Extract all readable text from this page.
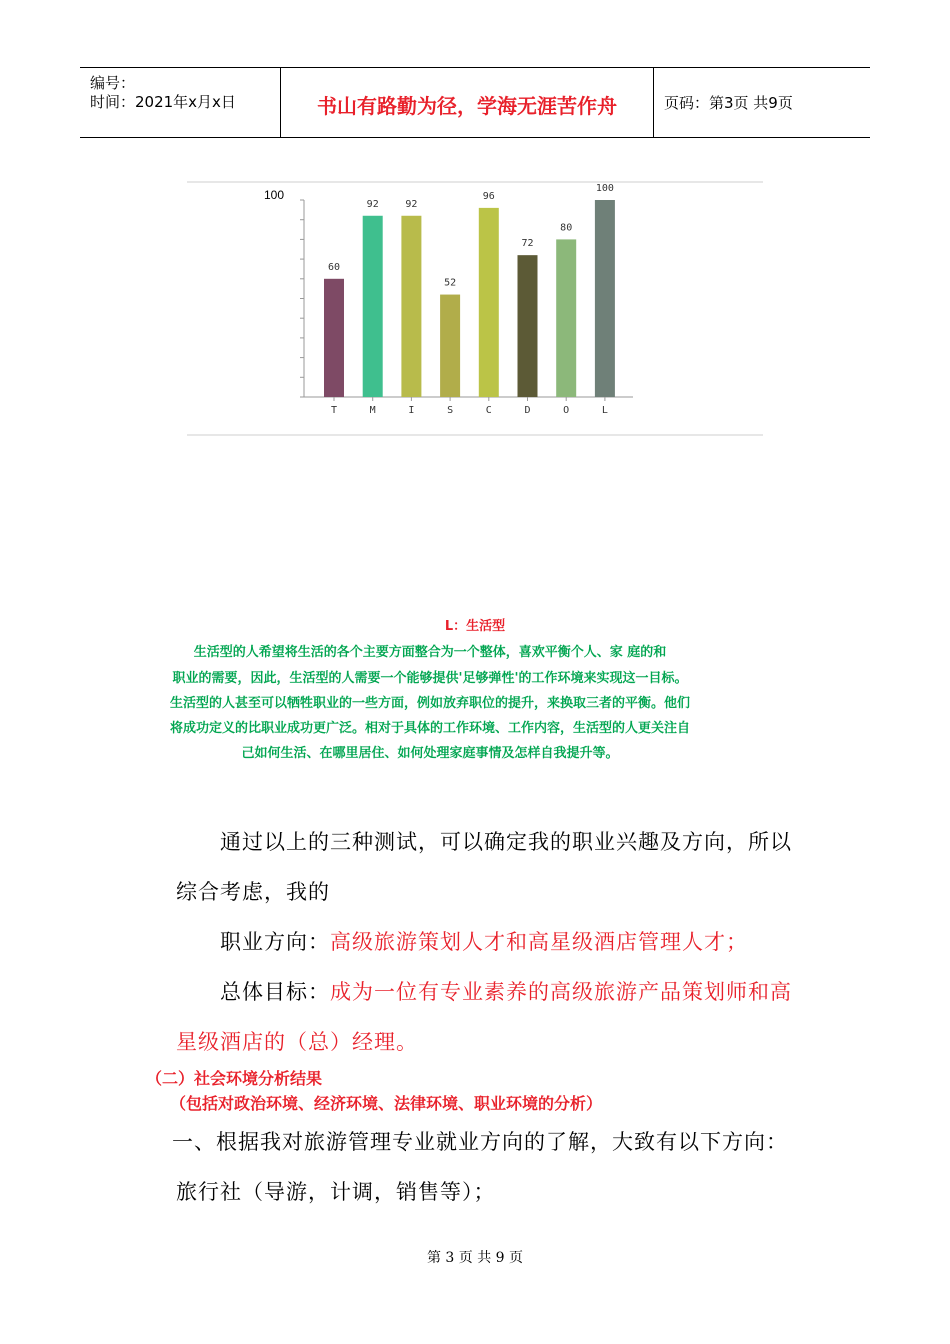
编号：
时间：2021年x月x日	书山有路勤为径，学海无涯苦作舟	页码：第3页 共9页
100
60
T
92
M
92
I
52
S
96
C
72
D
80
O
100
L
L：生活型
生活型的人希望将生活的各个主要方面整合为一个整体，喜欢平衡个人、家 庭的和
职业的需要，因此，生活型的人需要一个能够提供'足够弹性'的工作环境来实现这一目标。
生活型的人甚至可以牺牲职业的一些方面，例如放弃职位的提升，来换取三者的平衡。他们
将成功定义的比职业成功更广泛。相对于具体的工作环境、工作内容，生活型的人更关注自
己如何生活、在哪里居住、如何处理家庭事情及怎样自我提升等。
通过以上的三种测试，可以确定我的职业兴趣及方向，所以
综合考虑，我的
职业方向：高级旅游策划人才和高星级酒店管理人才；
总体目标：成为一位有专业素养的高级旅游产品策划师和高
星级酒店的（总）经理。
（二）社会环境分析结果
（包括对政治环境、经济环境、法律环境、职业环境的分析）
一、根据我对旅游管理专业就业方向的了解，大致有以下方向：
旅行社（导游，计调，销售等）；
第 3 页 共 9 页
